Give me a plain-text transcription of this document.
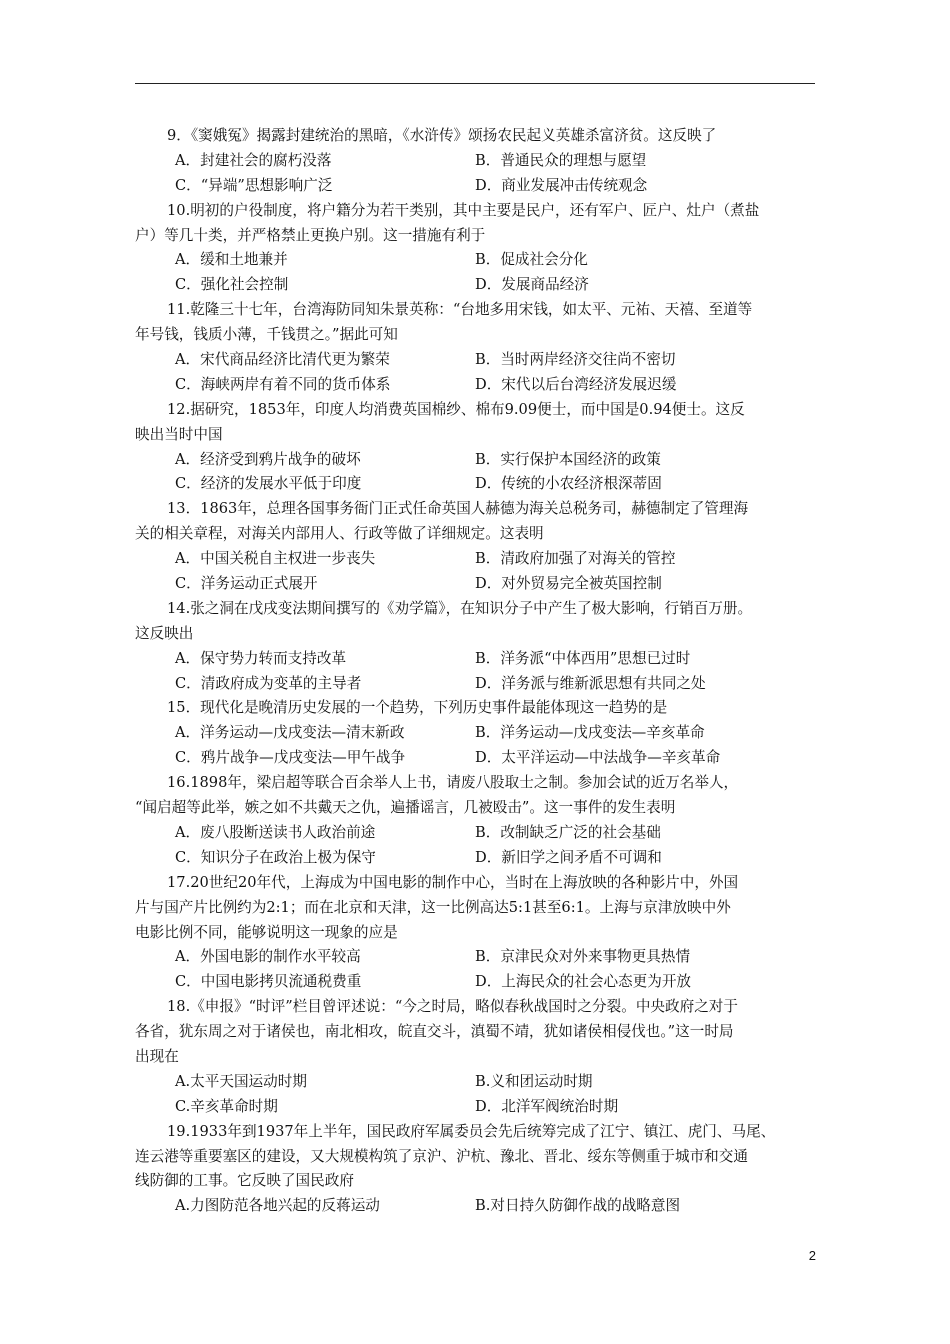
9．《窦娥冤》揭露封建统治的黑暗，《水浒传》颂扬农民起义英雄杀富济贫。这反映了
A．封建社会的腐朽没落	B．普通民众的理想与愿望
C．“异端”思想影响广泛	D．商业发展冲击传统观念
10.明初的户役制度，将户籍分为若干类别，其中主要是民户，还有军户、匠户、灶户（煮盐
户）等几十类，并严格禁止更换户别。这一措施有利于
A．缓和土地兼并	B．促成社会分化
C．强化社会控制	D．发展商品经济
11.乾隆三十七年，台湾海防同知朱景英称：“台地多用宋钱，如太平、元祐、天禧、至道等
年号钱，钱质小薄，千钱贯之。”据此可知
A．宋代商品经济比清代更为繁荣	B．当时两岸经济交往尚不密切
C．海峡两岸有着不同的货币体系	D．宋代以后台湾经济发展迟缓
12.据研究，1853年，印度人均消费英国棉纱、棉布9.09便士，而中国是0.94便士。这反
映出当时中国
A．经济受到鸦片战争的破坏	B．实行保护本国经济的政策
C．经济的发展水平低于印度	D．传统的小农经济根深蒂固
13．1863年，总理各国事务衙门正式任命英国人赫德为海关总税务司，赫德制定了管理海
关的相关章程，对海关内部用人、行政等做了详细规定。这表明
A．中国关税自主权进一步丧失	B．清政府加强了对海关的管控
C．洋务运动正式展开	D．对外贸易完全被英国控制
14.张之洞在戊戌变法期间撰写的《劝学篇》，在知识分子中产生了极大影响，行销百万册。
这反映出
A．保守势力转而支持改革	B．洋务派“中体西用”思想已过时
C．清政府成为变革的主导者	D．洋务派与维新派思想有共同之处
15．现代化是晚清历史发展的一个趋势，下列历史事件最能体现这一趋势的是
A．洋务运动—戊戌变法—清末新政	B．洋务运动—戊戌变法—辛亥革命
C．鸦片战争—戊戌变法—甲午战争	D．太平洋运动—中法战争—辛亥革命
16.1898年，梁启超等联合百余举人上书，请废八股取士之制。参加会试的近万名举人，
“闻启超等此举，嫉之如不共戴天之仇，遍播谣言，几被殴击”。这一事件的发生表明
A．废八股断送读书人政治前途	B．改制缺乏广泛的社会基础
C．知识分子在政治上极为保守	D．新旧学之间矛盾不可调和
17.20世纪20年代，上海成为中国电影的制作中心，当时在上海放映的各种影片中，外国
片与国产片比例约为2:1；而在北京和天津，这一比例高达5:1甚至6:1。上海与京津放映中外
电影比例不同，能够说明这一现象的应是
A．外国电影的制作水平较高	B．京津民众对外来事物更具热情
C．中国电影拷贝流通税费重	D．上海民众的社会心态更为开放
18.《申报》“时评”栏目曾评述说：“今之时局，略似春秋战国时之分裂。中央政府之对于
各省，犹东周之对于诸侯也，南北相攻，皖直交斗，滇蜀不靖，犹如诸侯相侵伐也。”这一时局
出现在
A.太平天国运动时期	B.义和团运动时期
C.辛亥革命时期	D．北洋军阀统治时期
19.1933年到1937年上半年，国民政府军属委员会先后统筹完成了江宁、镇江、虎门、马尾、
连云港等重要塞区的建设，又大规模构筑了京沪、沪杭、豫北、晋北、绥东等侧重于城市和交通
线防御的工事。它反映了国民政府
A.力图防范各地兴起的反蒋运动	B.对日持久防御作战的战略意图
2
